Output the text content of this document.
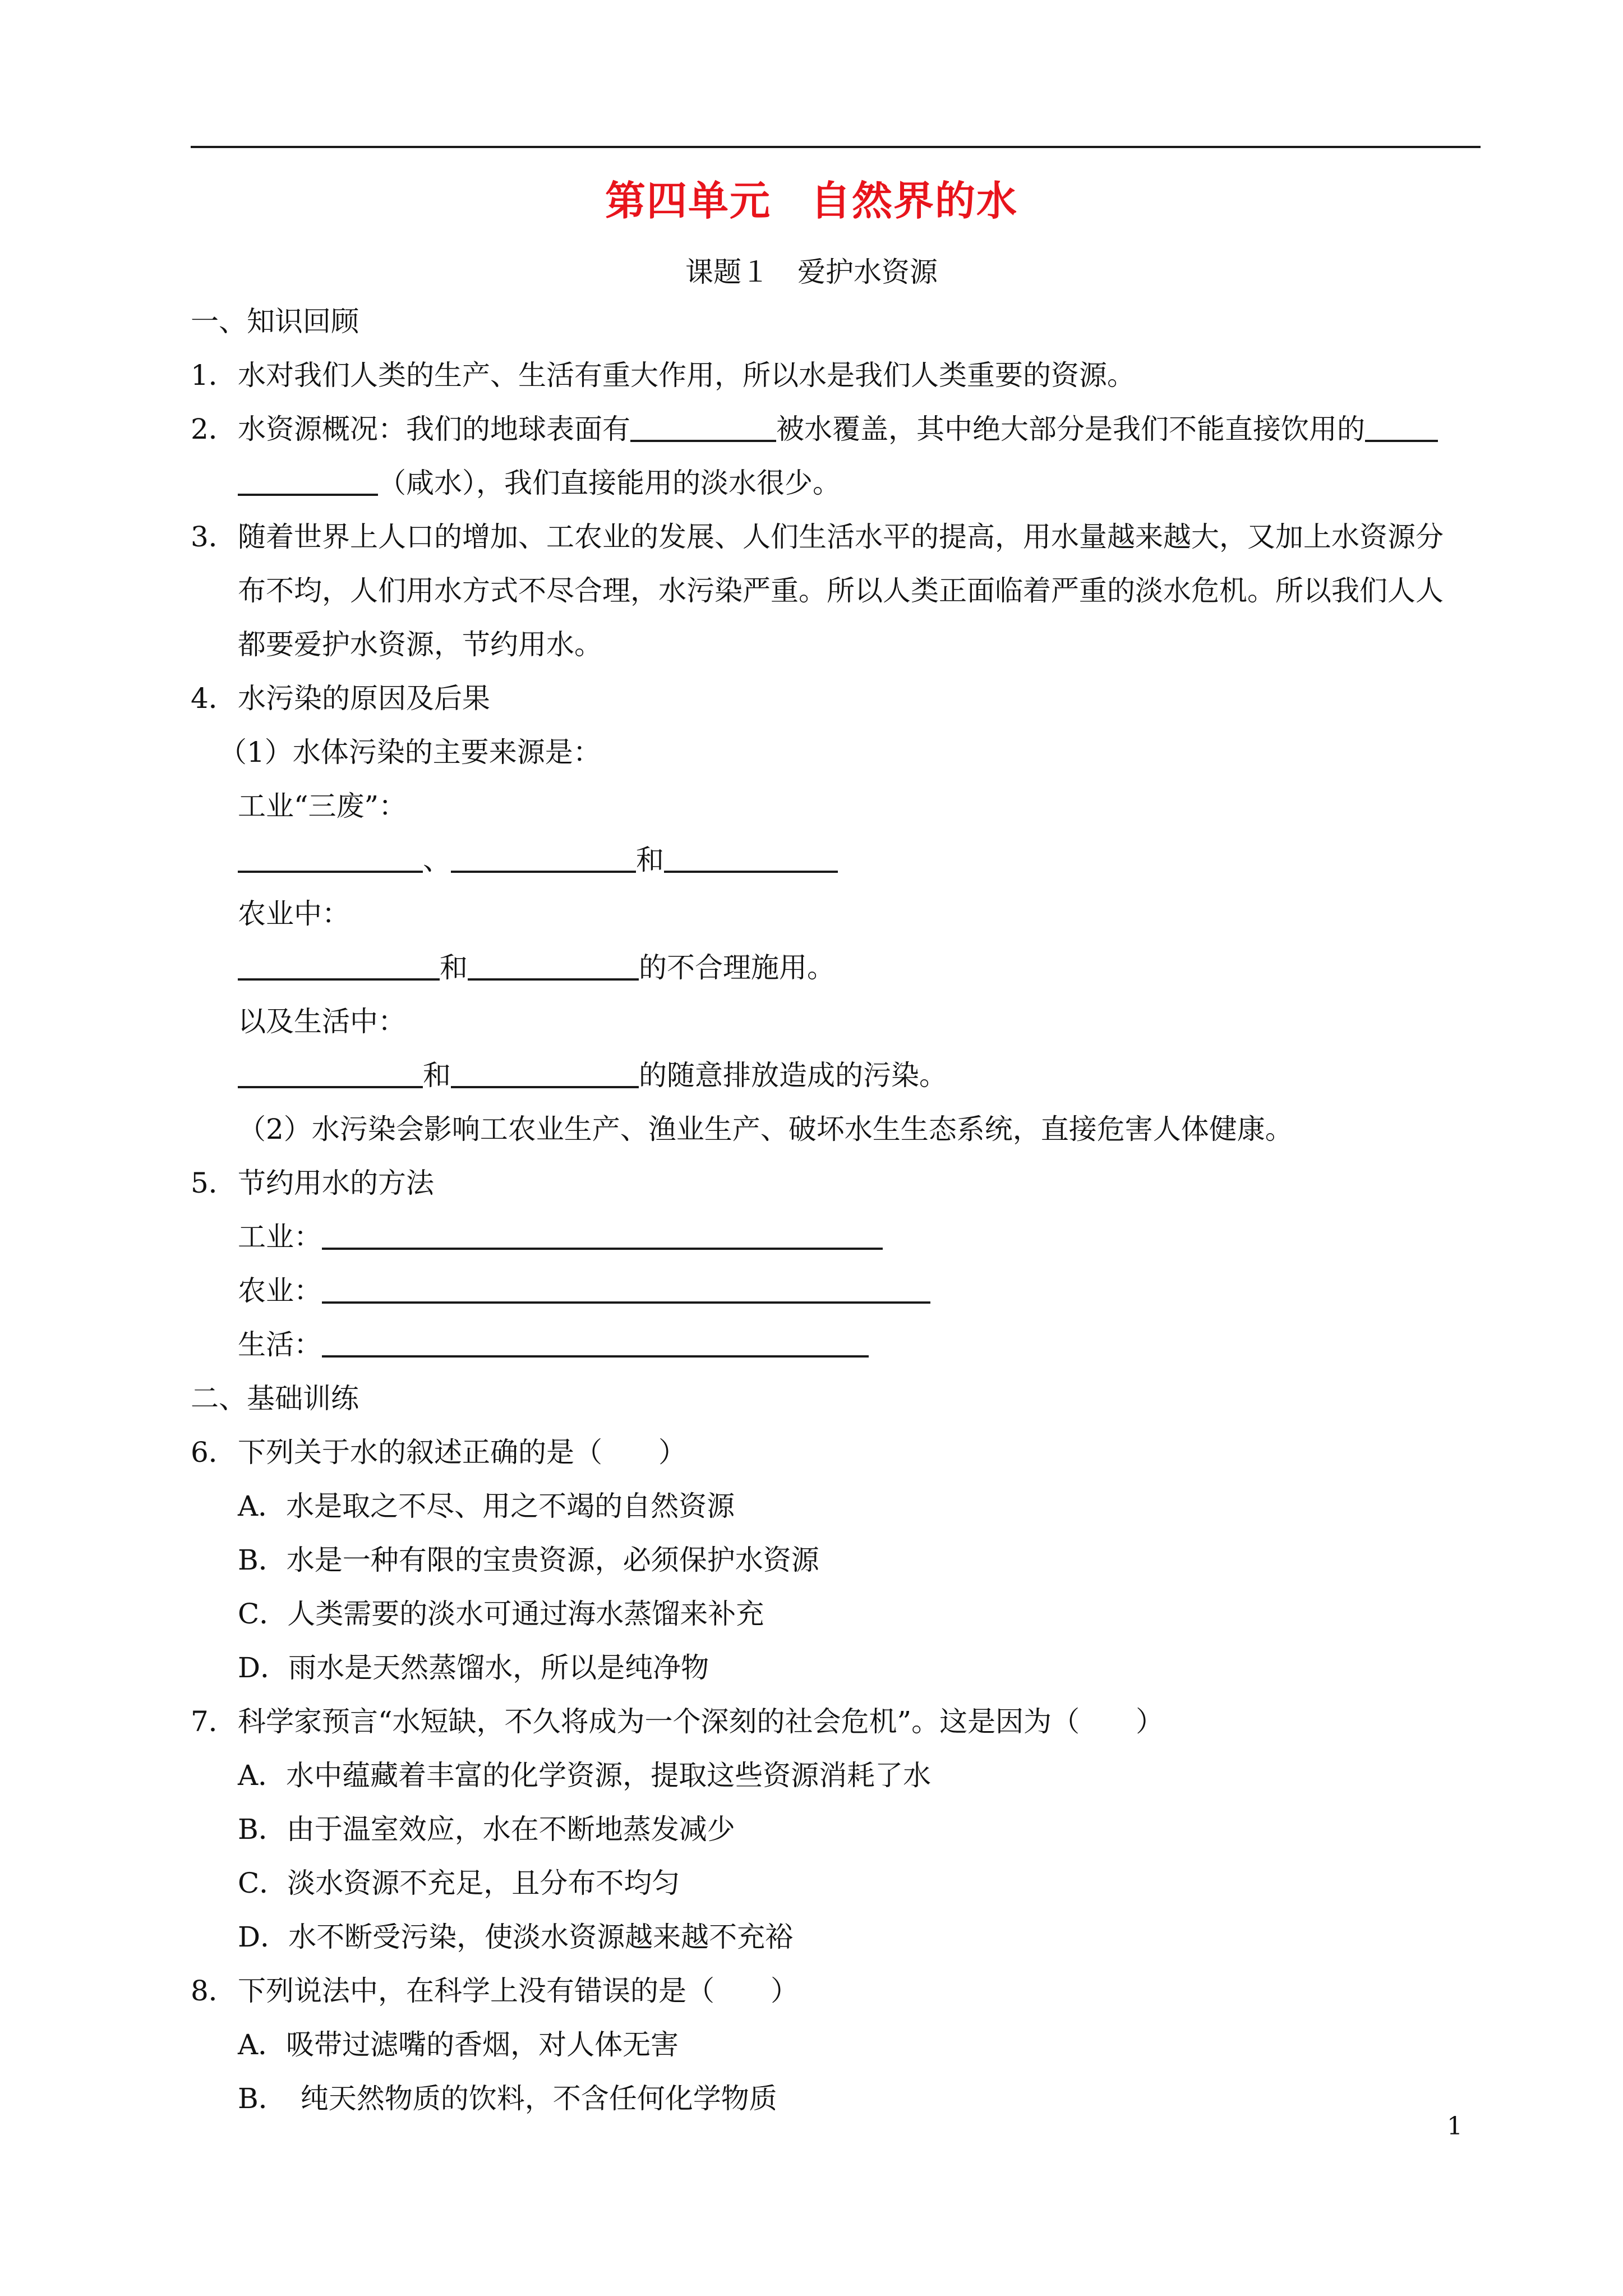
第四单元 自然界的水
课题１ 爱护水资源
一、知识回顾
1．水对我们人类的生产、生活有重大作用，所以水是我们人类重要的资源。
2．水资源概况：我们的地球表面有	被水覆盖，其中绝大部分是我们不能直接饮用的
（咸水），我们直接能用的淡水很少。
3．随着世界上人口的增加、工农业的发展、人们生活水平的提高，用水量越来越大，又加上水资源分
布不均，人们用水方式不尽合理，水污染严重。所以人类正面临着严重的淡水危机。所以我们人人
都要爱护水资源，节约用水。
4．水污染的原因及后果
（1）水体污染的主要来源是：
工业“三废”：
、	和
农业中：
和	的不合理施用。
以及生活中：
和	的随意排放造成的污染。
（2）水污染会影响工农业生产、渔业生产、破坏水生生态系统，直接危害人体健康。
5．节约用水的方法
工业：
农业：
生活：
二、基础训练
6．下列关于水的叙述正确的是（　　）
A．水是取之不尽、用之不竭的自然资源
B．水是一种有限的宝贵资源，必须保护水资源
C．人类需要的淡水可通过海水蒸馏来补充
D．雨水是天然蒸馏水，所以是纯净物
7．科学家预言“水短缺，不久将成为一个深刻的社会危机”。这是因为（　　）
A．水中蕴藏着丰富的化学资源，提取这些资源消耗了水
B．由于温室效应，水在不断地蒸发减少
C．淡水资源不充足，且分布不均匀
D．水不断受污染，使淡水资源越来越不充裕
8．下列说法中，在科学上没有错误的是（　　）
A．吸带过滤嘴的香烟，对人体无害
B．　纯天然物质的饮料，不含任何化学物质
1
